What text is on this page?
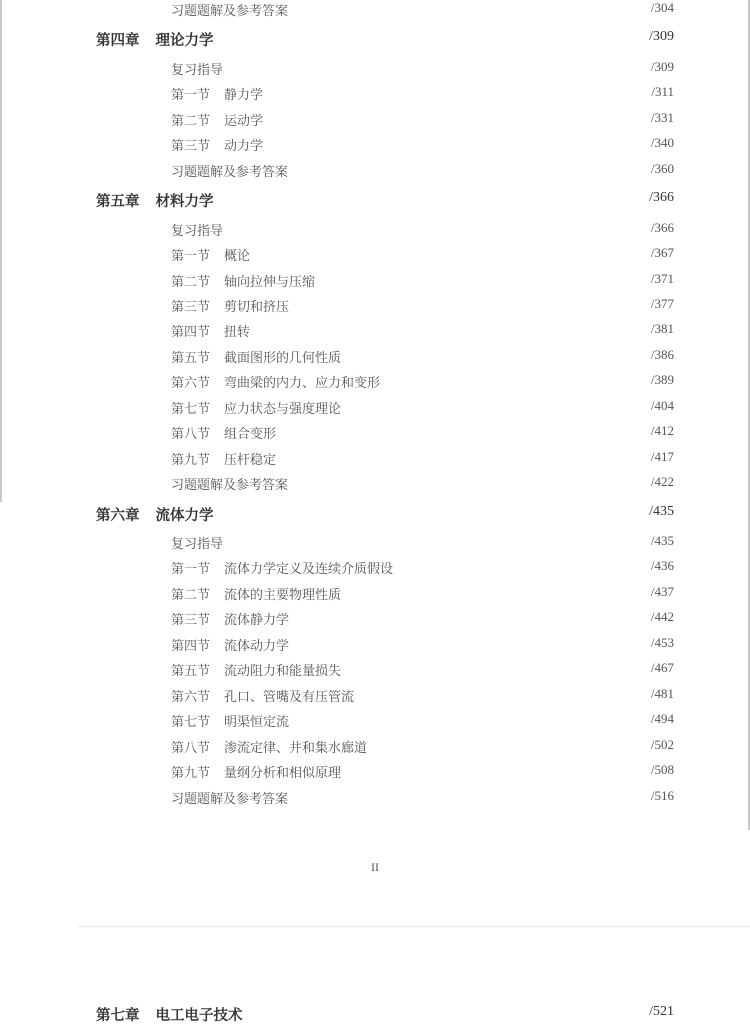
习题题解及参考答案	/304
第四章 理论力学	/309
复习指导	/309
第一节 静力学	/311
第二节 运动学	/331
第三节 动力学	/340
习题题解及参考答案	/360
第五章 材料力学	/366
复习指导	/366
第一节 概论	/367
第二节 轴向拉伸与压缩	/371
第三节 剪切和挤压	/377
第四节 扭转	/381
第五节 截面图形的几何性质	/386
第六节 弯曲梁的内力、应力和变形	/389
第七节 应力状态与强度理论	/404
第八节 组合变形	/412
第九节 压杆稳定	/417
习题题解及参考答案	/422
第六章 流体力学	/435
复习指导	/435
第一节 流体力学定义及连续介质假设	/436
第二节 流体的主要物理性质	/437
第三节 流体静力学	/442
第四节 流体动力学	/453
第五节 流动阻力和能量损失	/467
第六节 孔口、管嘴及有压管流	/481
第七节 明渠恒定流	/494
第八节 渗流定律、井和集水廊道	/502
第九节 量纲分析和相似原理	/508
习题题解及参考答案	/516
II
第七章 电工电子技术	/521
